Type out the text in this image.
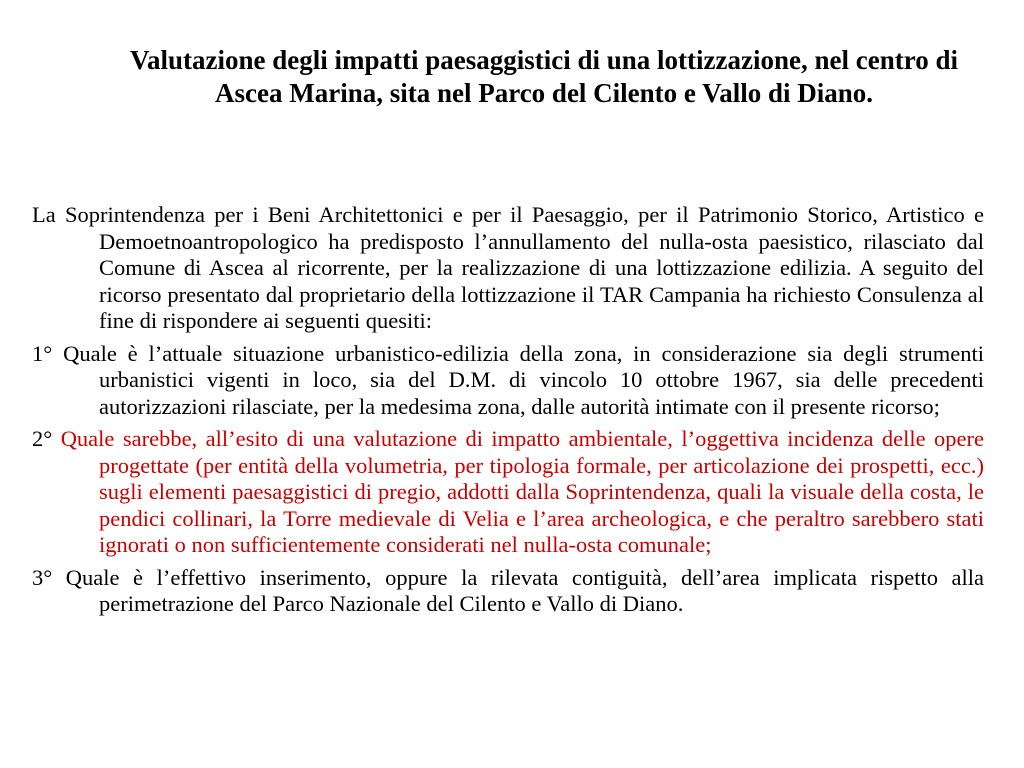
Valutazione degli impatti paesaggistici di una lottizzazione, nel centro di Ascea Marina, sita nel Parco del Cilento e Vallo di Diano.

La Soprintendenza per i Beni Architettonici e per il Paesaggio, per il Patrimonio Storico, Artistico e Demoetnoantropologico ha predisposto l’annullamento del nulla-osta paesistico, rilasciato dal Comune di Ascea al ricorrente, per la realizzazione di una lottizzazione edilizia. A seguito del ricorso presentato dal proprietario della lottizzazione il TAR Campania ha richiesto Consulenza al fine di rispondere ai seguenti quesiti:

1° Quale è l’attuale situazione urbanistico-edilizia della zona, in considerazione sia degli strumenti urbanistici vigenti in loco, sia del D.M. di vincolo 10 ottobre 1967, sia delle precedenti autorizzazioni rilasciate, per la medesima zona, dalle autorità intimate con il presente ricorso;

2° Quale sarebbe, all’esito di una valutazione di impatto ambientale, l’oggettiva incidenza delle opere progettate (per entità della volumetria, per tipologia formale, per articolazione dei prospetti, ecc.) sugli elementi paesaggistici di pregio, addotti dalla Soprintendenza, quali la visuale della costa, le pendici collinari, la Torre medievale di Velia e l’area archeologica, e che peraltro sarebbero stati ignorati o non sufficientemente considerati nel nulla-osta comunale;

3° Quale è l’effettivo inserimento, oppure la rilevata contiguità, dell’area implicata rispetto alla perimetrazione del Parco Nazionale del Cilento e Vallo di Diano.
